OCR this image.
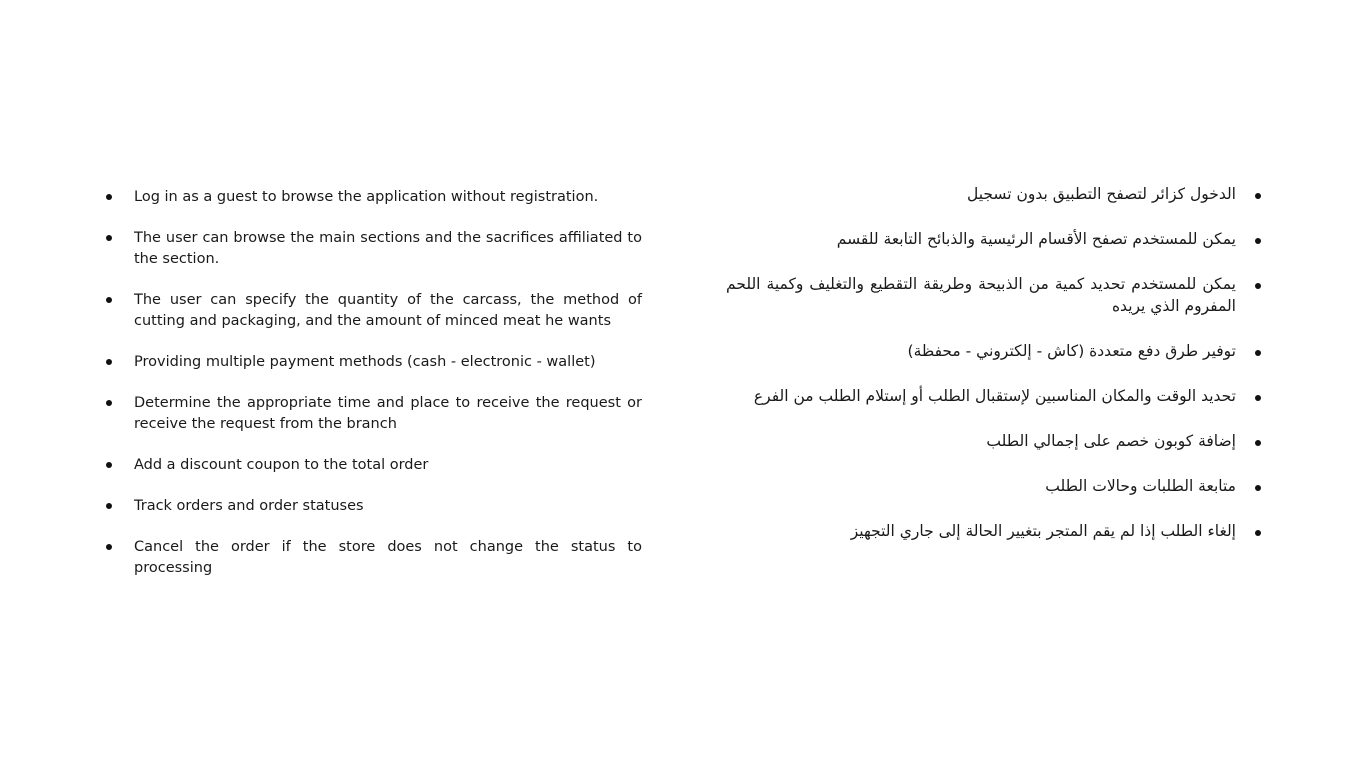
Log in as a guest to browse the application without registration.
The user can browse the main sections and the sacrifices affiliated to the section.
The user can specify the quantity of the carcass, the method of cutting and packaging, and the amount of minced meat he wants
Providing multiple payment methods (cash - electronic - wallet)
Determine the appropriate time and place to receive the request or receive the request from the branch
Add a discount coupon to the total order
Track orders and order statuses
Cancel the order if the store does not change the status to processing
الدخول كزائر لتصفح التطبيق بدون تسجيل
يمكن للمستخدم تصفح الأقسام الرئيسية والذبائح التابعة للقسم
يمكن للمستخدم تحديد كمية من الذبيحة وطريقة التقطيع والتغليف وكمية اللحم المفروم الذي يريده
توفير طرق دفع متعددة (كاش - إلكتروني - محفظة)
تحديد الوقت والمكان المناسبين لإستقبال الطلب أو إستلام الطلب من الفرع
إضافة كوبون خصم على إجمالي الطلب
متابعة الطلبات وحالات الطلب
إلغاء الطلب إذا لم يقم المتجر بتغيير الحالة إلى جاري التجهيز
